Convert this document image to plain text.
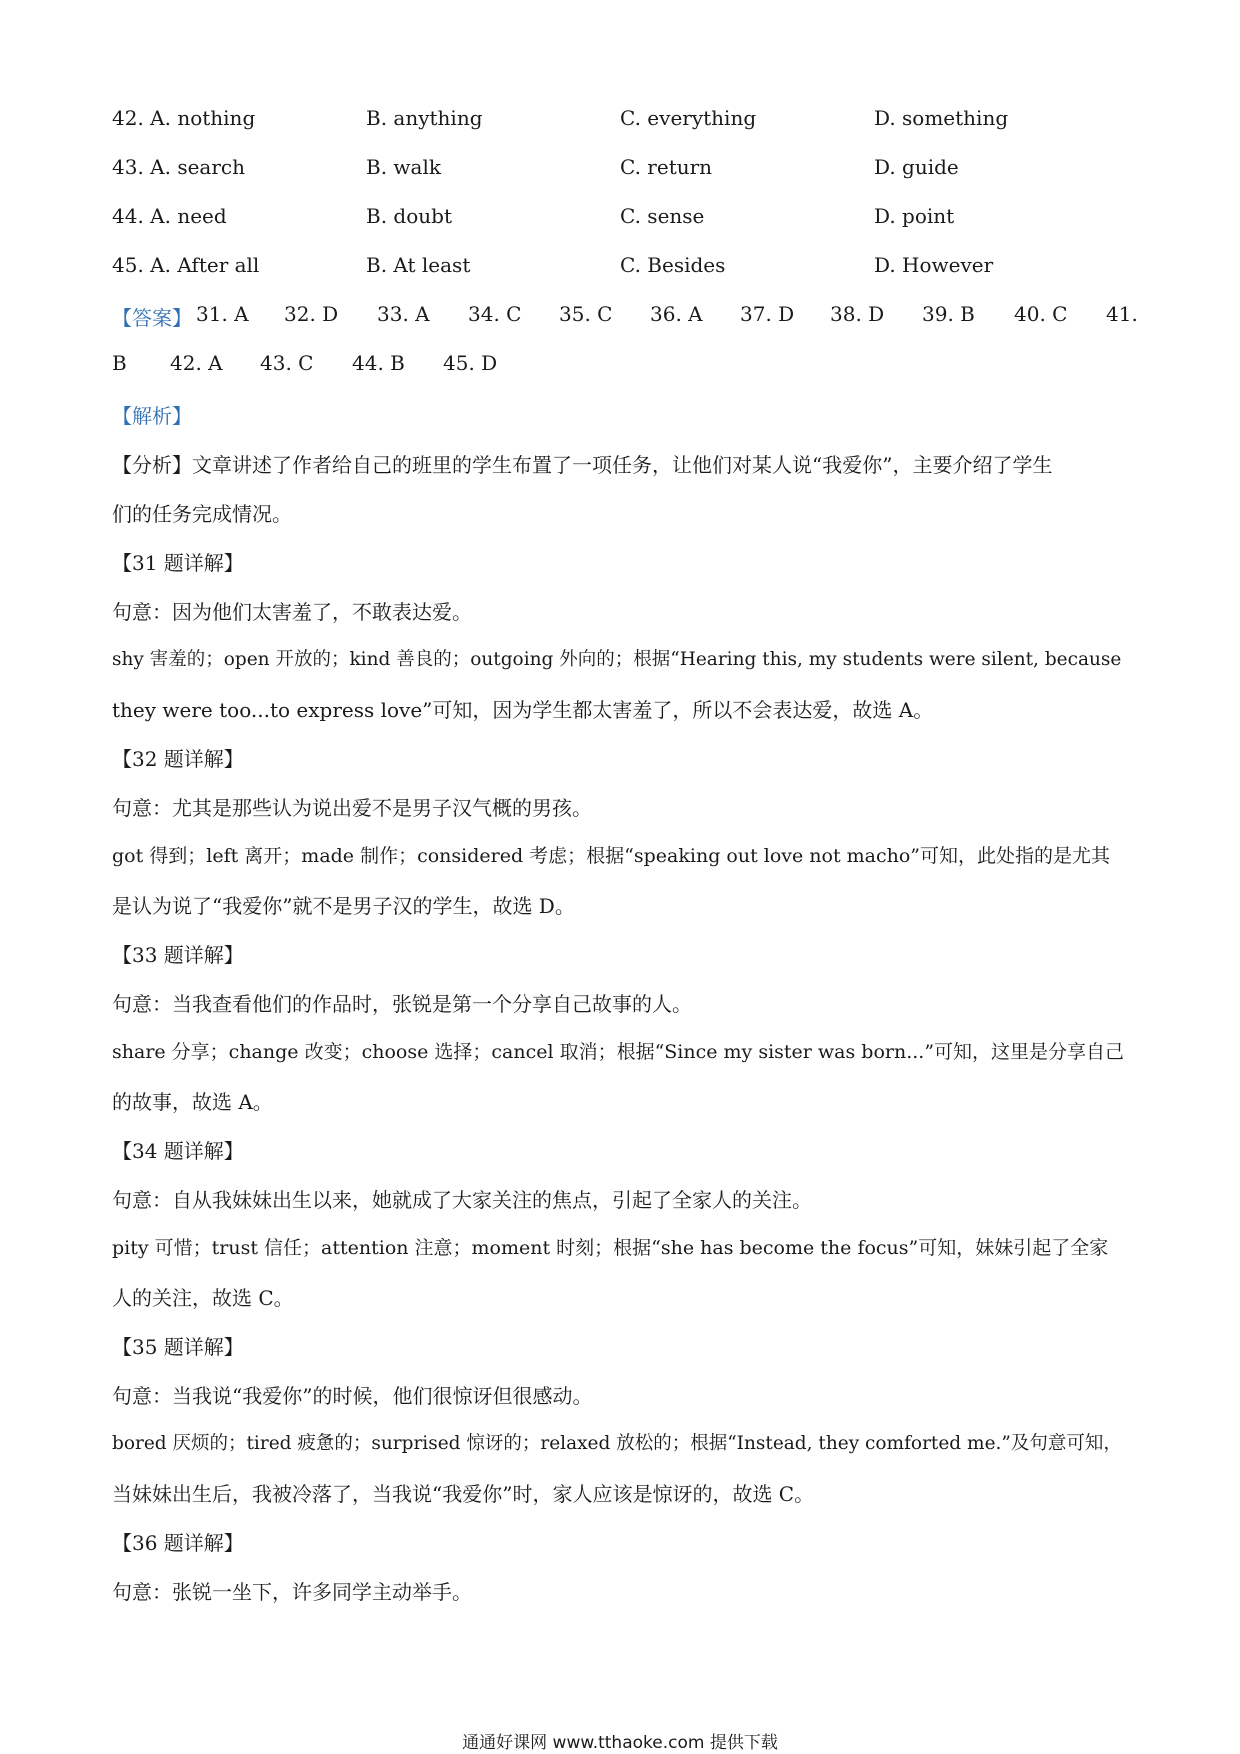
42. A. nothing	B. anything	C. everything	D. something
43. A. search	B. walk	C. return	D. guide
44. A. need	B. doubt	C. sense	D. point
45. A. After all	B. At least	C. Besides	D. However
【答案】 31. A 32. D 33. A 34. C 35. C 36. A 37. D 38. D 39. B 40. C 41.
B 42. A 43. C 44. B 45. D
【解析】
【分析】文章讲述了作者给自己的班里的学生布置了一项任务，让他们对某人说“我爱你”，主要介绍了学生
们的任务完成情况。
【31 题详解】
句意：因为他们太害羞了，不敢表达爱。
shy 害羞的；open 开放的；kind 善良的；outgoing 外向的；根据“Hearing this, my students were silent, because
they were too...to express love”可知，因为学生都太害羞了，所以不会表达爱，故选 A。
【32 题详解】
句意：尤其是那些认为说出爱不是男子汉气概的男孩。
got 得到；left 离开；made 制作；considered 考虑；根据“speaking out love not macho”可知，此处指的是尤其
是认为说了“我爱你”就不是男子汉的学生，故选 D。
【33 题详解】
句意：当我查看他们的作品时，张锐是第一个分享自己故事的人。
share 分享；change 改变；choose 选择；cancel 取消；根据“Since my sister was born...”可知，这里是分享自己
的故事，故选 A。
【34 题详解】
句意：自从我妹妹出生以来，她就成了大家关注的焦点，引起了全家人的关注。
pity 可惜；trust 信任；attention 注意；moment 时刻；根据“she has become the focus”可知，妹妹引起了全家
人的关注，故选 C。
【35 题详解】
句意：当我说“我爱你”的时候，他们很惊讶但很感动。
bored 厌烦的；tired 疲惫的；surprised 惊讶的；relaxed 放松的；根据“Instead, they comforted me.”及句意可知，
当妹妹出生后，我被冷落了，当我说“我爱你”时，家人应该是惊讶的，故选 C。
【36 题详解】
句意：张锐一坐下，许多同学主动举手。
通通好课网 www.tthaoke.com 提供下载
